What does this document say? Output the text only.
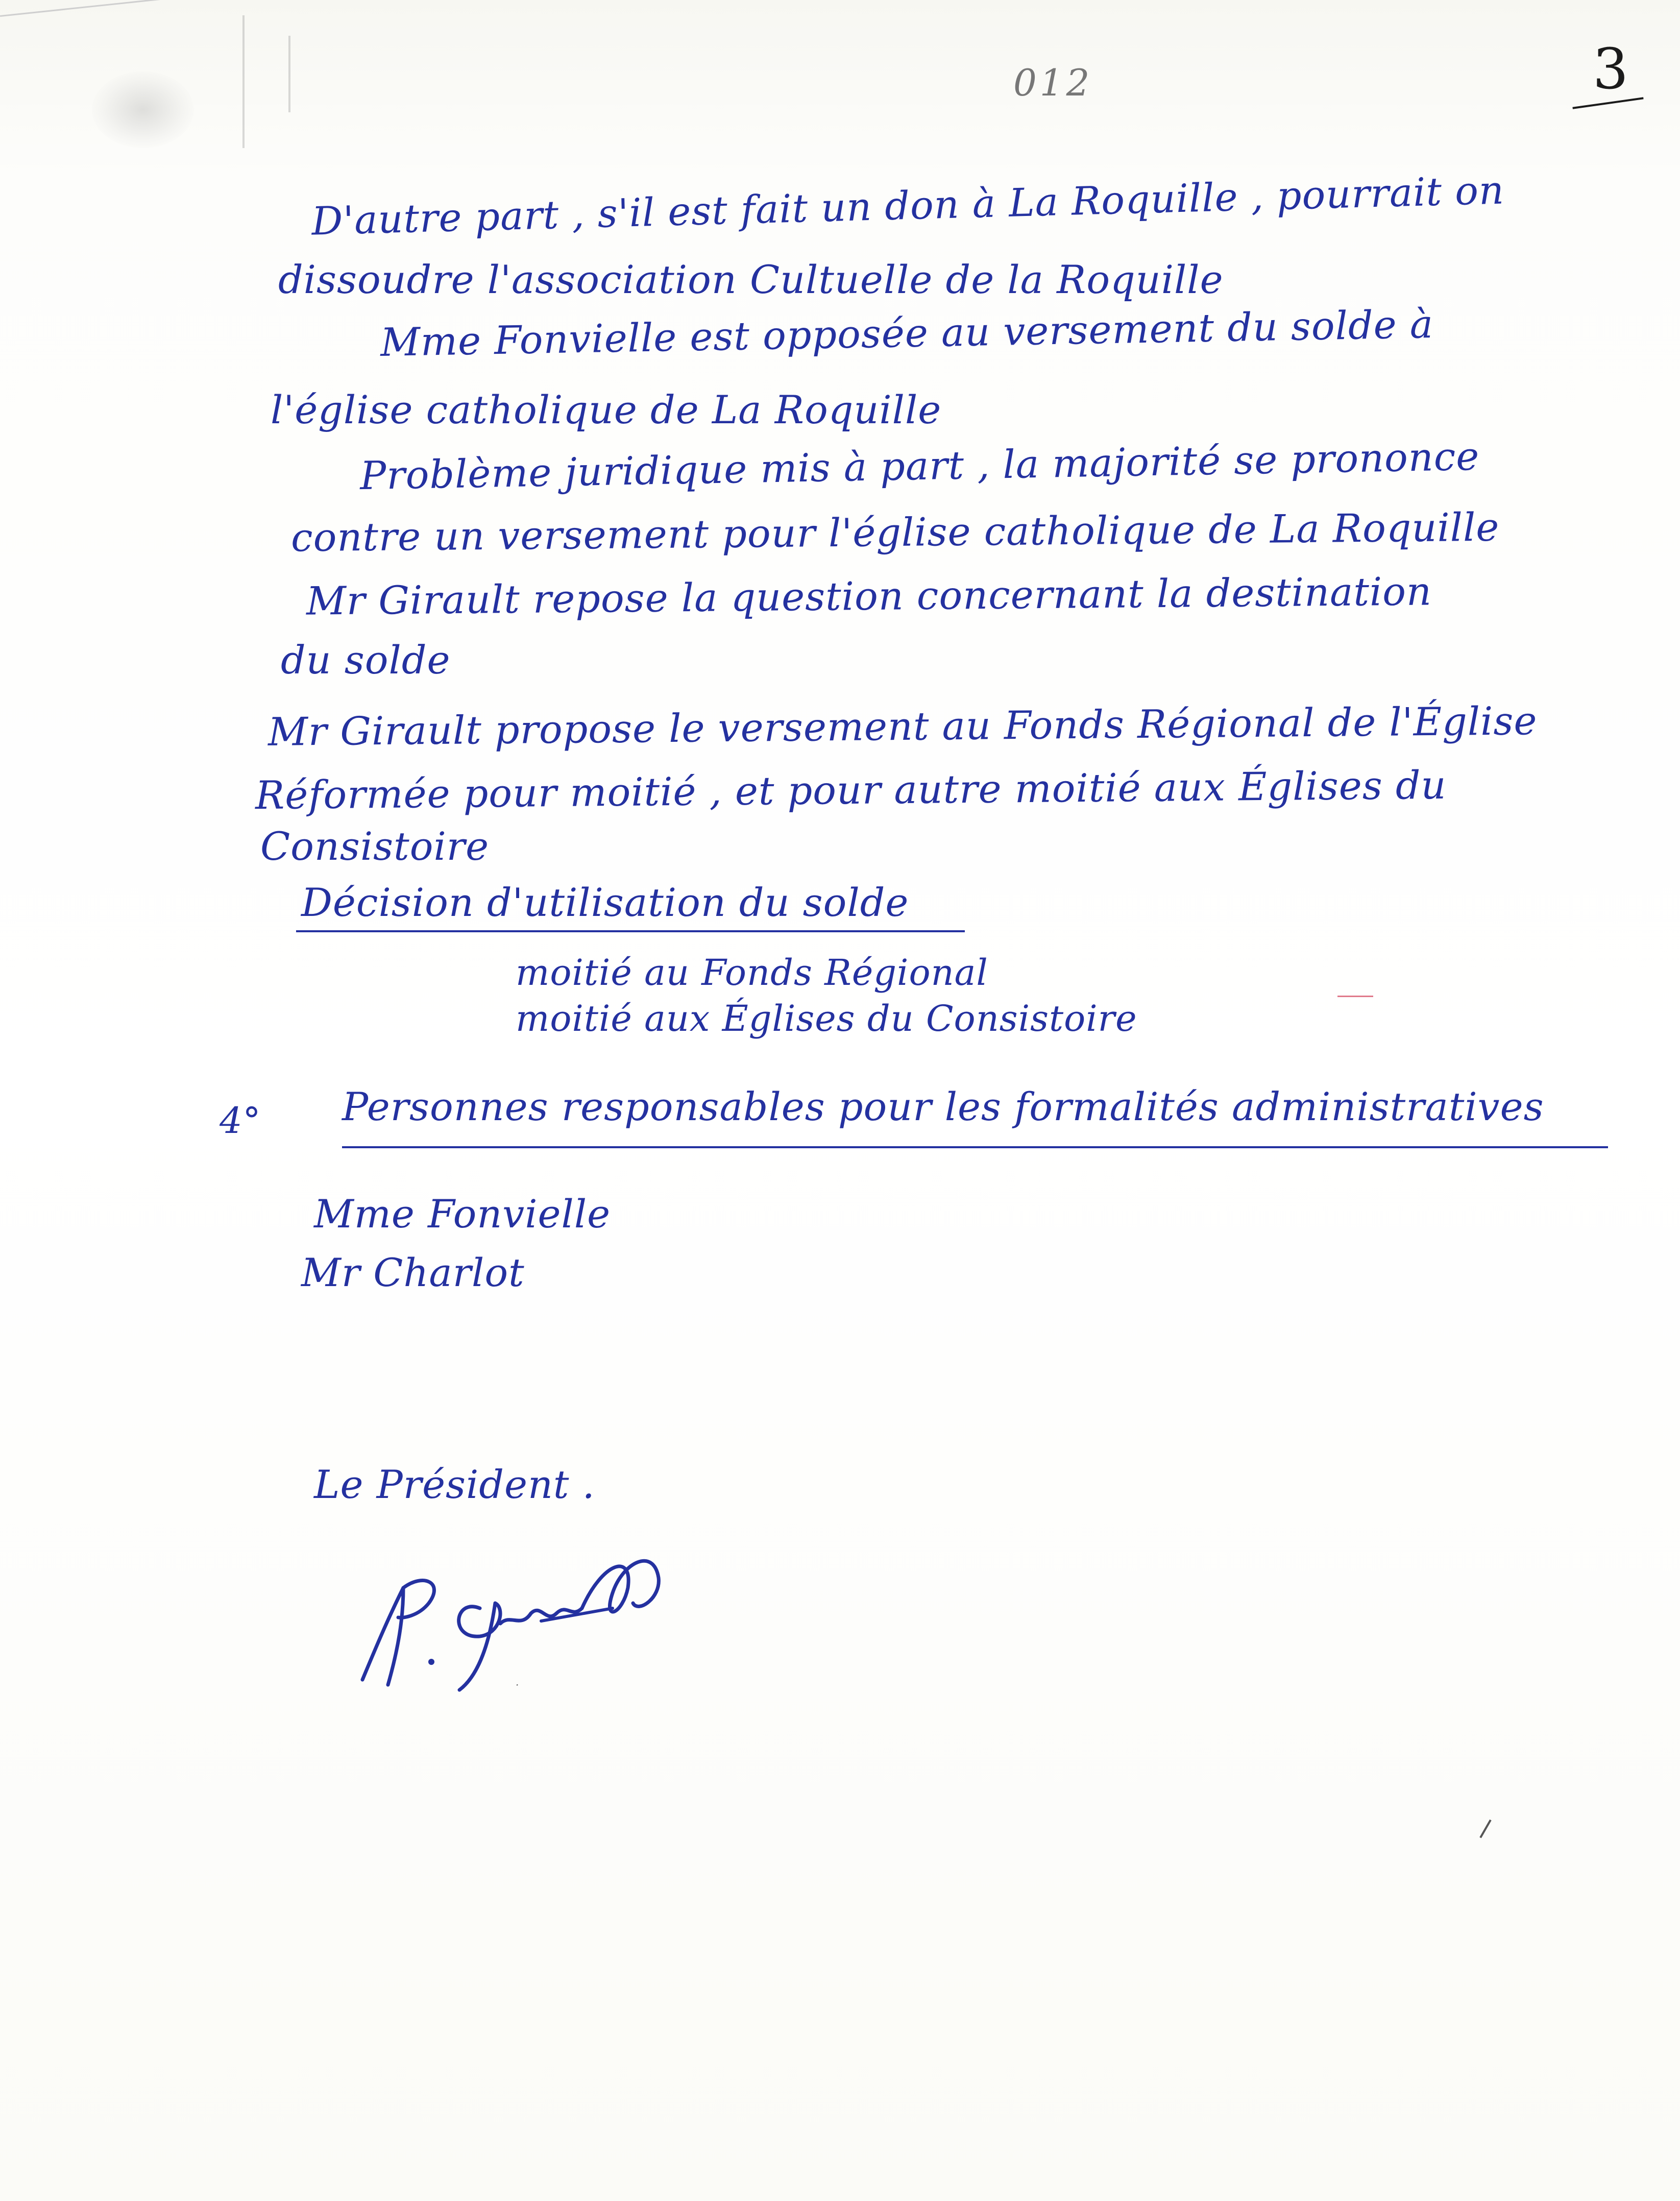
012	3
D'autre part , s'il est fait un don à La Roquille , pourrait on
dissoudre l'association Cultuelle de la Roquille
Mme Fonvielle est opposée au versement du solde à
l'église catholique de La Roquille
Problème juridique mis à part , la majorité se prononce
contre un versement pour l'église catholique de La Roquille
Mr Girault repose la question concernant la destination
du solde
Mr Girault propose le versement au Fonds Régional de l'Église
Réformée pour moitié , et pour autre moitié aux Églises du
Consistoire
Décision d'utilisation du solde
moitié au Fonds Régional
moitié aux Églises du Consistoire
4° Personnes responsables pour les formalités administratives
Mme Fonvielle
Mr Charlot
Le Président .
·
